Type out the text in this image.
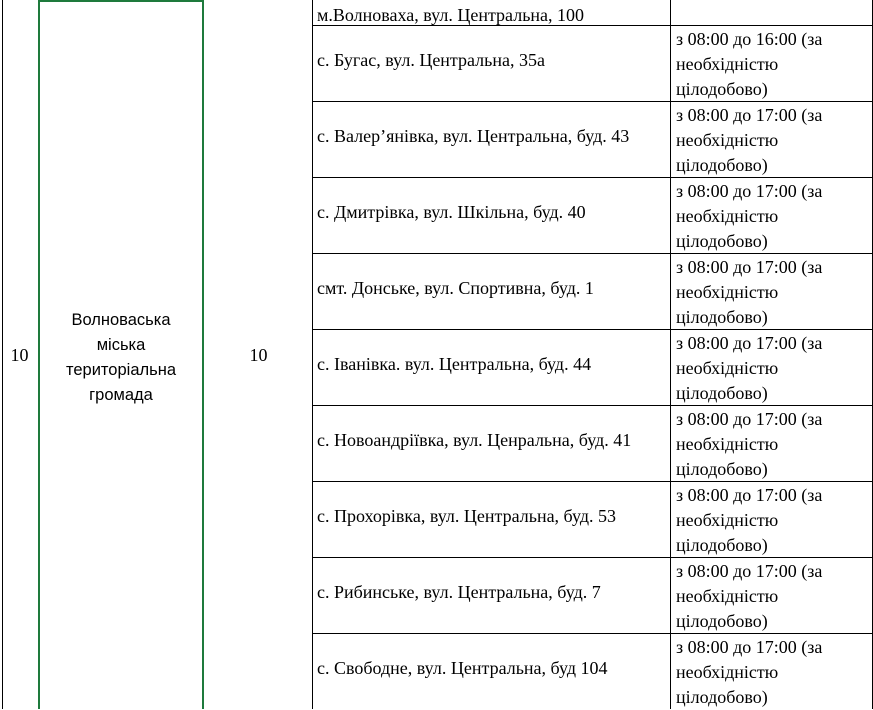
10
Волноваська
міська
територіальна
громада
10
м.Волноваха, вул. Центральна, 100
с. Бугас, вул. Центральна, 35а
з 08:00 до 16:00 (за
необхідністю
цілодобово)
с. Валер’янівка, вул. Центральна, буд. 43
з 08:00 до 17:00 (за
необхідністю
цілодобово)
с. Дмитрівка, вул. Шкільна, буд. 40
з 08:00 до 17:00 (за
необхідністю
цілодобово)
смт. Донське, вул. Спортивна, буд. 1
з 08:00 до 17:00 (за
необхідністю
цілодобово)
с. Іванівка. вул. Центральна, буд. 44
з 08:00 до 17:00 (за
необхідністю
цілодобово)
с. Новоандріївка, вул. Ценральна, буд. 41
з 08:00 до 17:00 (за
необхідністю
цілодобово)
с. Прохорівка, вул. Центральна, буд. 53
з 08:00 до 17:00 (за
необхідністю
цілодобово)
с. Рибинське, вул. Центральна, буд. 7
з 08:00 до 17:00 (за
необхідністю
цілодобово)
с. Свободне, вул. Центральна, буд 104
з 08:00 до 17:00 (за
необхідністю
цілодобово)
